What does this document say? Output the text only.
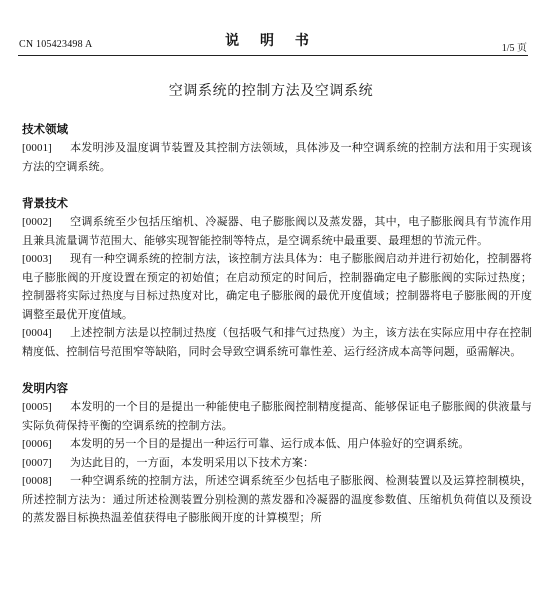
CN 105423498 A	说 明 书	1/5 页
空调系统的控制方法及空调系统
技术领域

[0001] 本发明涉及温度调节装置及其控制方法领域，具体涉及一种空调系统的控制方法和用于实现该方法的空调系统。

背景技术

[0002] 空调系统至少包括压缩机、冷凝器、电子膨胀阀以及蒸发器，其中，电子膨胀阀具有节流作用且兼具流量调节范围大、能够实现智能控制等特点，是空调系统中最重要、最理想的节流元件。

[0003] 现有一种空调系统的控制方法，该控制方法具体为：电子膨胀阀启动并进行初始化，控制器将电子膨胀阀的开度设置在预定的初始值；在启动预定的时间后，控制器确定电子膨胀阀的实际过热度；控制器将实际过热度与目标过热度对比，确定电子膨胀阀的最优开度值域；控制器将电子膨胀阀的开度调整至最优开度值域。

[0004] 上述控制方法是以控制过热度（包括吸气和排气过热度）为主，该方法在实际应用中存在控制精度低、控制信号范围窄等缺陷，同时会导致空调系统可靠性差、运行经济成本高等问题，亟需解决。

发明内容

[0005] 本发明的一个目的是提出一种能使电子膨胀阀控制精度提高、能够保证电子膨胀阀的供液量与实际负荷保持平衡的空调系统的控制方法。

[0006] 本发明的另一个目的是提出一种运行可靠、运行成本低、用户体验好的空调系统。

[0007] 为达此目的，一方面，本发明采用以下技术方案：

[0008] 一种空调系统的控制方法，所述空调系统至少包括电子膨胀阀、检测装置以及运算控制模块，所述控制方法为：通过所述检测装置分别检测的蒸发器和冷凝器的温度参数值、压缩机负荷值以及预设的蒸发器目标换热温差值获得电子膨胀阀开度的计算模型；所
